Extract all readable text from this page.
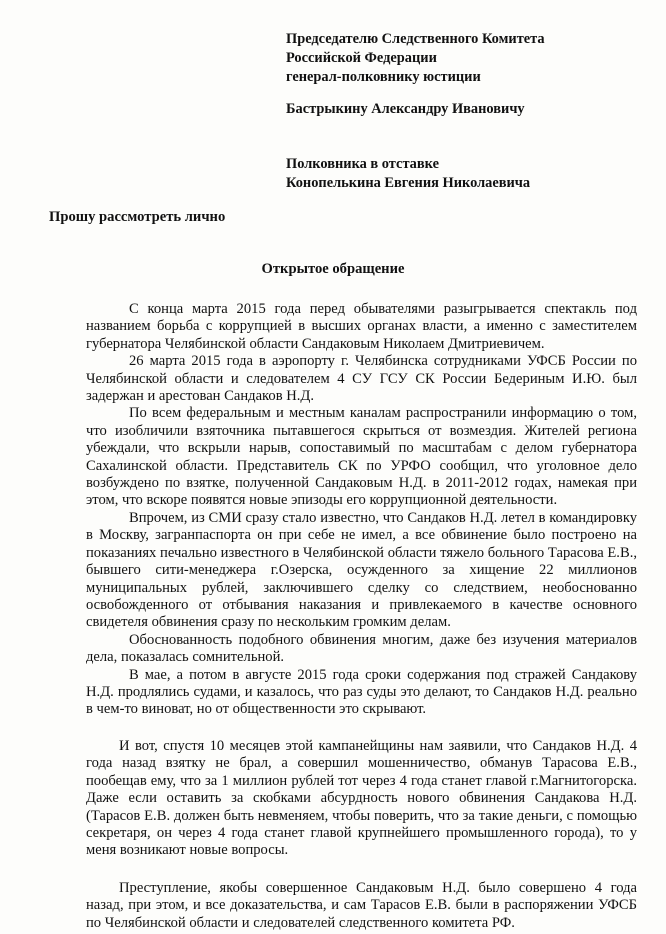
Председателю Следственного Комитета
Российской Федерации
генерал-полковнику юстиции
Бастрыкину Александру Ивановичу
Полковника в отставке
Конопелькина Евгения Николаевича
Прошу рассмотреть лично
Открытое обращение

С конца марта 2015 года перед обывателями разыгрывается спектакль под названием борьба с коррупцией в высших органах власти, а именно с заместителем губернатора Челябинской области Сандаковым Николаем Дмитриевичем.

26 марта 2015 года в аэропорту г. Челябинска сотрудниками УФСБ России по Челябинской области и следователем 4 СУ ГСУ СК России Бедериным И.Ю. был задержан и арестован Сандаков Н.Д.

По всем федеральным и местным каналам распространили информацию о том, что изобличили взяточника пытавшегося скрыться от возмездия. Жителей региона убеждали, что вскрыли нарыв, сопоставимый по масштабам с делом губернатора Сахалинской области. Представитель СК по УРФО сообщил, что уголовное дело возбуждено по взятке, полученной Сандаковым Н.Д. в 2011-2012 годах, намекая при этом, что вскоре появятся новые эпизоды его коррупционной деятельности.

Впрочем, из СМИ сразу стало известно, что Сандаков Н.Д. летел в командировку в Москву, загранпаспорта он при себе не имел, а все обвинение было построено на показаниях печально известного в Челябинской области тяжело больного Тарасова Е.В., бывшего сити-менеджера г.Озерска, осужденного за хищение 22 миллионов муниципальных рублей, заключившего сделку со следствием, необоснованно освобожденного от отбывания наказания и привлекаемого в качестве основного свидетеля обвинения сразу по нескольким громким делам.

Обоснованность подобного обвинения многим, даже без изучения материалов дела, показалась сомнительной.

В мае, а потом в августе 2015 года сроки содержания под стражей Сандакову Н.Д. продлялись судами, и казалось, что раз суды это делают, то Сандаков Н.Д. реально в чем-то виноват, но от общественности это скрывают.

И вот, спустя 10 месяцев этой кампанейщины нам заявили, что Сандаков Н.Д. 4 года назад взятку не брал, а совершил мошенничество, обманув Тарасова Е.В., пообещав ему, что за 1 миллион рублей тот через 4 года станет главой г.Магнитогорска. Даже если оставить за скобками абсурдность нового обвинения Сандакова Н.Д. (Тарасов Е.В. должен быть невменяем, чтобы поверить, что за такие деньги, с помощью секретаря, он через 4 года станет главой крупнейшего промышленного города), то у меня возникают новые вопросы.

Преступление, якобы совершенное Сандаковым Н.Д. было совершено 4 года назад, при этом, и все доказательства, и сам Тарасов Е.В. были в распоряжении УФСБ по Челябинской области и следователей следственного комитета РФ.
